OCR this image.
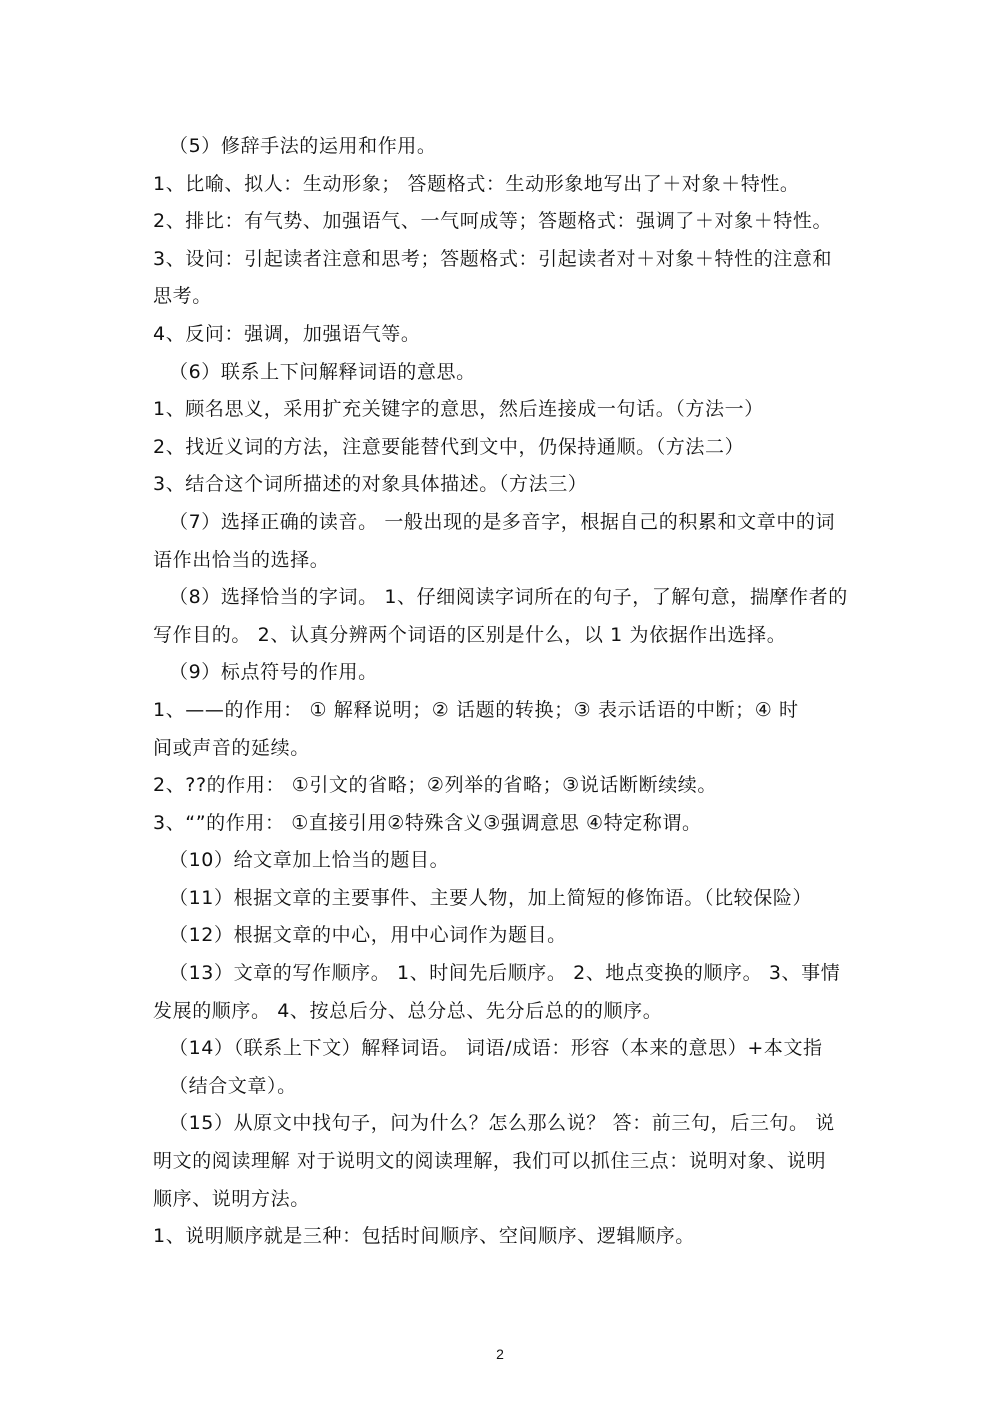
（5）修辞手法的运用和作用。
1、比喻、拟人：生动形象； 答题格式：生动形象地写出了＋对象＋特性。
2、排比：有气势、加强语气、一气呵成等；答题格式：强调了＋对象＋特性。
3、设问：引起读者注意和思考；答题格式：引起读者对＋对象＋特性的注意和
思考。
4、反问：强调，加强语气等。
（6）联系上下问解释词语的意思。
1、顾名思义，采用扩充关键字的意思，然后连接成一句话。（方法一）
2、找近义词的方法，注意要能替代到文中，仍保持通顺。（方法二）
3、结合这个词所描述的对象具体描述。（方法三）
（7）选择正确的读音。 一般出现的是多音字，根据自己的积累和文章中的词
语作出恰当的选择。
（8）选择恰当的字词。 1、仔细阅读字词所在的句子，了解句意，揣摩作者的
写作目的。 2、认真分辨两个词语的区别是什么，以 1 为依据作出选择。
（9）标点符号的作用。
1、——的作用： ① 解释说明；② 话题的转换；③ 表示话语的中断；④ 时
间或声音的延续。
2、??的作用： ①引文的省略；②列举的省略；③说话断断续续。
3、“”的作用： ①直接引用②特殊含义③强调意思 ④特定称谓。
（10）给文章加上恰当的题目。
（11）根据文章的主要事件、主要人物，加上简短的修饰语。（比较保险）
（12）根据文章的中心，用中心词作为题目。
（13）文章的写作顺序。 1、时间先后顺序。 2、地点变换的顺序。 3、事情
发展的顺序。 4、按总后分、总分总、先分后总的的顺序。
（14）（联系上下文）解释词语。 词语/成语：形容（本来的意思）+本文指
（结合文章）。
（15）从原文中找句子，问为什么？怎么那么说？ 答：前三句，后三句。 说
明文的阅读理解 对于说明文的阅读理解，我们可以抓住三点：说明对象、说明
顺序、说明方法。
1、说明顺序就是三种：包括时间顺序、空间顺序、逻辑顺序。
2
